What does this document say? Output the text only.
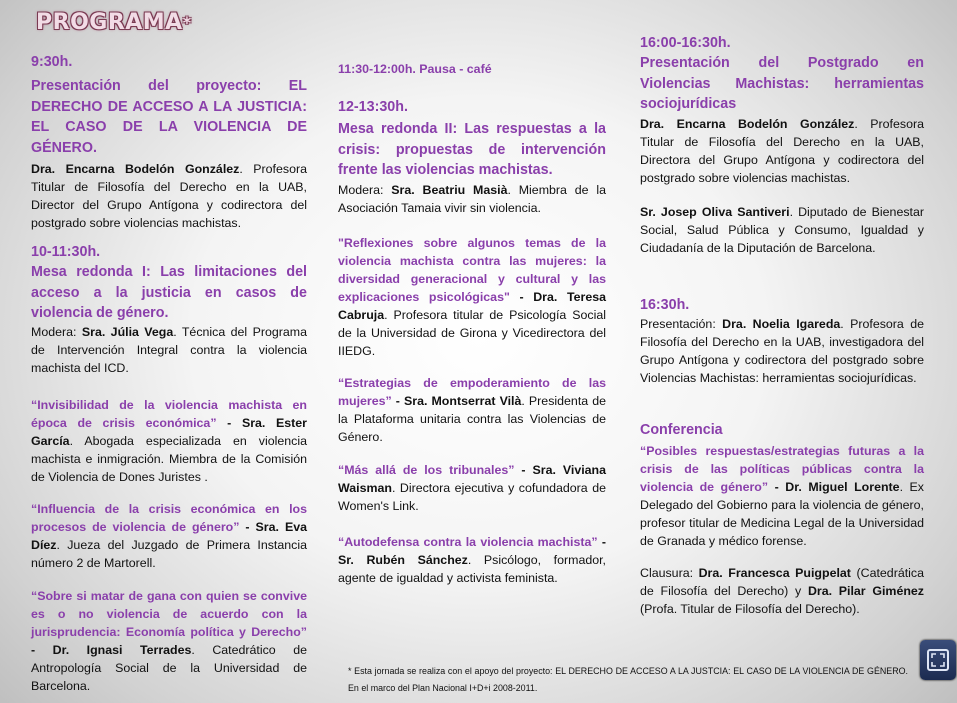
PROGRAMA*

9:30h.

Presentación del proyecto: EL DERECHO DE ACCESO A LA JUSTICIA: EL CASO DE LA VIOLENCIA DE GÉNERO.

Dra. Encarna Bodelón González. Profesora Titular de Filosofía del Derecho en la UAB, Director del Grupo Antígona y codirectora del postgrado sobre violencias machistas.

10-11:30h.

Mesa redonda I: Las limitaciones del acceso a la justicia en casos de violencia de género.

Modera: Sra. Júlia Vega. Técnica del Programa de Intervención Integral contra la violencia machista del ICD.

“Invisibilidad de la violencia machista en época de crisis económica” - Sra. Ester García. Abogada especializada en violencia machista e inmigración. Miembra de la Comisión de Violencia de Dones Juristes .

“Influencia de la crisis económica en los procesos de violencia de género” - Sra. Eva Díez. Jueza del Juzgado de Primera Instancia número 2 de Martorell.

“Sobre si matar de gana con quien se convive es o no violencia de acuerdo con la jurisprudencia: Economía política y Derecho” - Dr. Ignasi Terrades. Catedrático de Antropología Social de la Universidad de Barcelona.

11:30-12:00h. Pausa - café

12-13:30h.

Mesa redonda II: Las respuestas a la crisis: propuestas de intervención frente las violencias machistas.

Modera: Sra. Beatriu Masià. Miembra de la Asociación Tamaia vivir sin violencia.

"Reflexiones sobre algunos temas de la violencia machista contra las mujeres: la diversidad generacional y cultural y las explicaciones psicológicas" - Dra. Teresa Cabruja. Profesora titular de Psicología Social de la Universidad de Girona y Vicedirectora del IIEDG.

“Estrategias de empoderamiento de las mujeres” - Sra. Montserrat Vilà. Presidenta de la Plataforma unitaria contra las Violencias de Género.

“Más allá de los tribunales” - Sra. Viviana Waisman. Directora ejecutiva y cofundadora de Women's Link.

“Autodefensa contra la violencia machista” - Sr. Rubén Sánchez. Psicólogo, formador, agente de igualdad y activista feminista.

16:00-16:30h.

Presentación del Postgrado en Violencias Machistas: herramientas sociojurídicas

Dra. Encarna Bodelón González. Profesora Titular de Filosofía del Derecho en la UAB, Directora del Grupo Antígona y codirectora del postgrado sobre violencias machistas.

Sr. Josep Oliva Santiveri. Diputado de Bienestar Social, Salud Pública y Consumo, Igualdad y Ciudadanía de la Diputación de Barcelona.

16:30h.

Presentación: Dra. Noelia Igareda. Profesora de Filosofía del Derecho en la UAB, investigadora del Grupo Antígona y codirectora del postgrado sobre Violencias Machistas: herramientas sociojurídicas.

Conferencia

“Posibles respuestas/estrategias futuras a la crisis de las políticas públicas contra la violencia de género” - Dr. Miguel Lorente. Ex Delegado del Gobierno para la violencia de género, profesor titular de Medicina Legal de la Universidad de Granada y médico forense.

Clausura: Dra. Francesca Puigpelat (Catedrática de Filosofía del Derecho) y Dra. Pilar Giménez (Profa. Titular de Filosofía del Derecho).

* Esta jornada se realiza con el apoyo del proyecto: EL DERECHO DE ACCESO A LA JUSTCIA: EL CASO DE LA VIOLENCIA DE GÉNERO. En el marco del Plan Nacional I+D+i 2008-2011.
